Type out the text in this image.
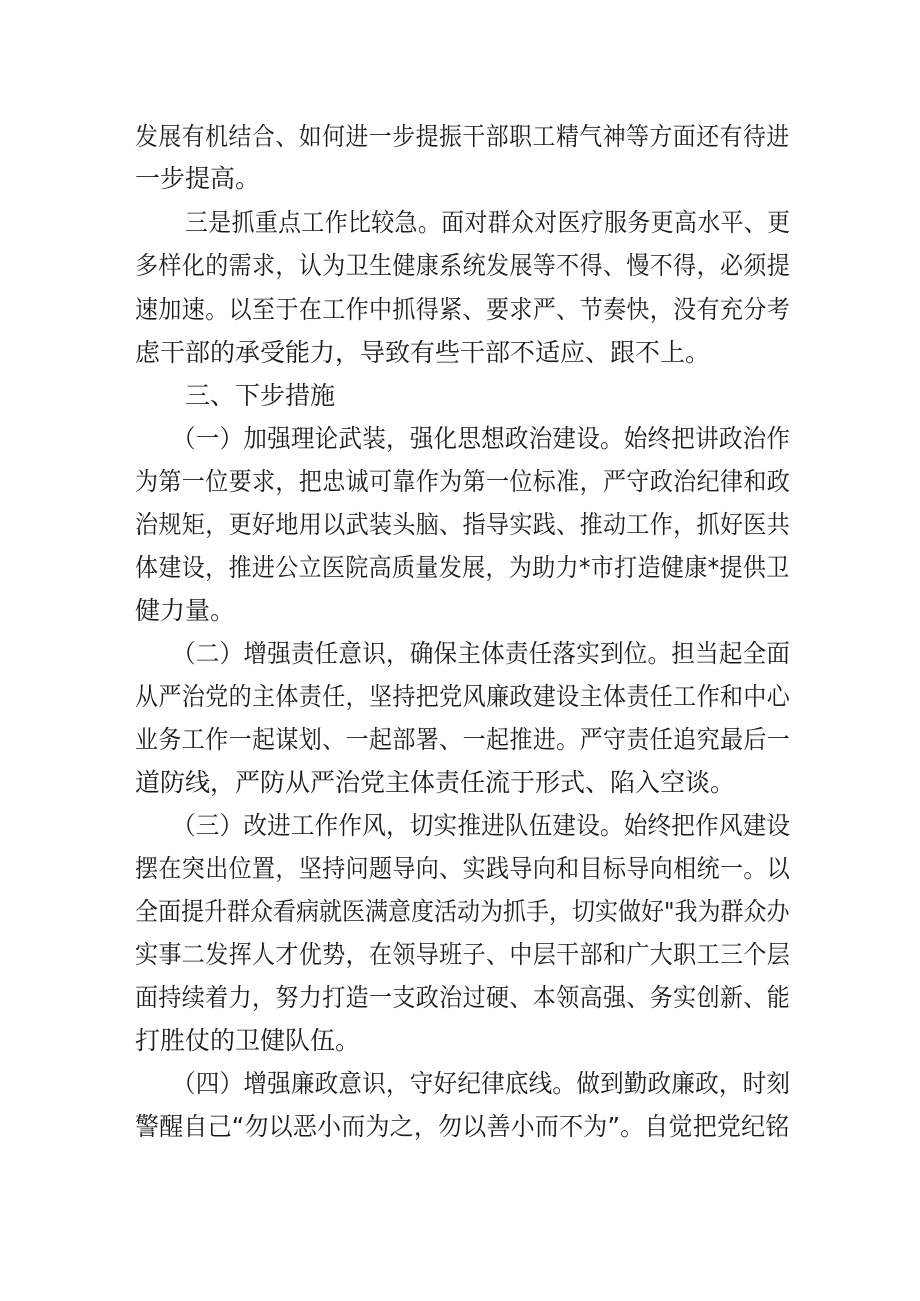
发展有机结合、如何进一步提振干部职工精气神等方面还有待进
一步提高。
三是抓重点工作比较急。面对群众对医疗服务更高水平、更
多样化的需求，认为卫生健康系统发展等不得、慢不得，必须提
速加速。以至于在工作中抓得紧、要求严、节奏快，没有充分考
虑干部的承受能力，导致有些干部不适应、跟不上。
三、下步措施
（一）加强理论武装，强化思想政治建设。始终把讲政治作
为第一位要求，把忠诚可靠作为第一位标准，严守政治纪律和政
治规矩，更好地用以武装头脑、指导实践、推动工作，抓好医共
体建设，推进公立医院高质量发展，为助力*市打造健康*提供卫
健力量。
（二）增强责任意识，确保主体责任落实到位。担当起全面
从严治党的主体责任，坚持把党风廉政建设主体责任工作和中心
业务工作一起谋划、一起部署、一起推进。严守责任追究最后一
道防线，严防从严治党主体责任流于形式、陷入空谈。
（三）改进工作作风，切实推进队伍建设。始终把作风建设
摆在突出位置，坚持问题导向、实践导向和目标导向相统一。以
全面提升群众看病就医满意度活动为抓手，切实做好"我为群众办
实事二发挥人才优势，在领导班子、中层干部和广大职工三个层
面持续着力，努力打造一支政治过硬、本领高强、务实创新、能
打胜仗的卫健队伍。
（四）增强廉政意识，守好纪律底线。做到勤政廉政，时刻
警醒自己“勿以恶小而为之，勿以善小而不为”。自觉把党纪铭
